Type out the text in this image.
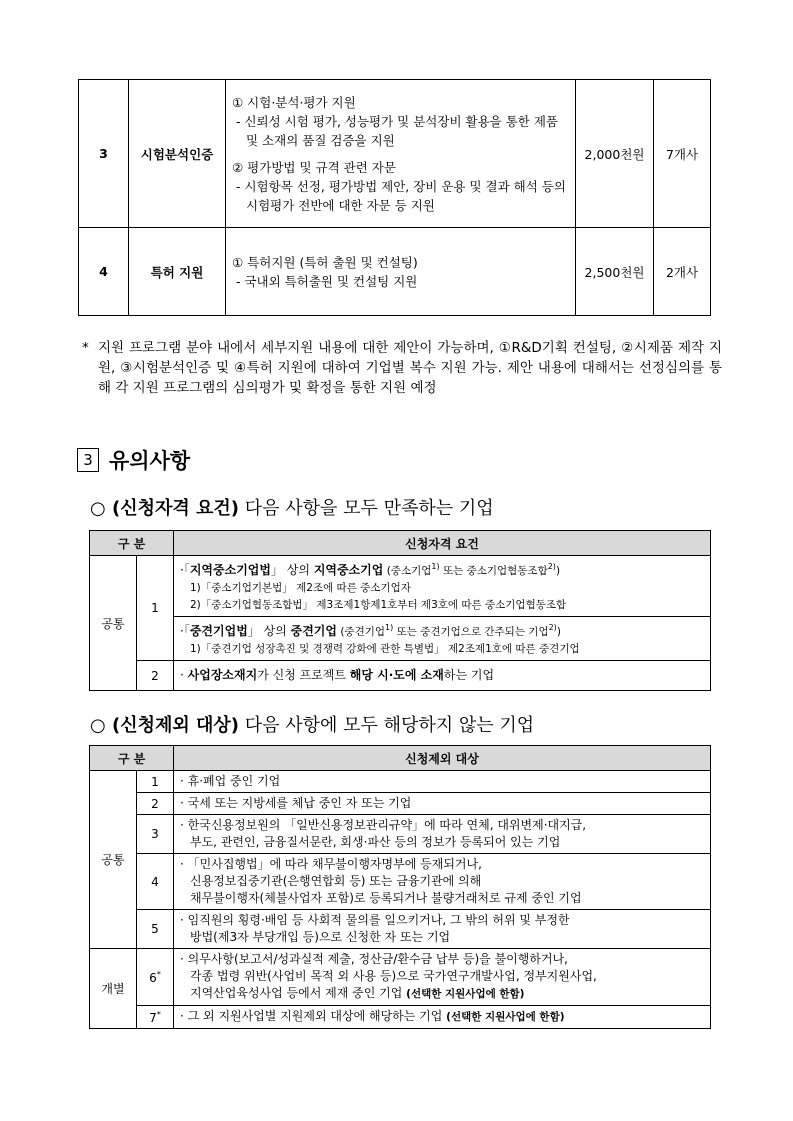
3	시험분석인증	① 시험·분석·평가 지원
- 신뢰성 시험 평가, 성능평가 및 분석장비 활용을 통한 제품 및 소재의 품질 검증을 지원
② 평가방법 및 규격 관련 자문
- 시험항목 선정, 평가방법 제안, 장비 운용 및 결과 해석 등의 시험평가 전반에 대한 자문 등 지원	2,000천원	7개사
4	특허 지원	① 특허지원 (특허 출원 및 컨설팅)
- 국내외 특허출원 및 컨설팅 지원	2,500천원	2개사
* 지원 프로그램 분야 내에서 세부지원 내용에 대한 제안이 가능하며, ①R&D기획 컨설팅, ②시제품 제작 지원, ③시험분석인증 및 ④특허 지원에 대하여 기업별 복수 지원 가능. 제안 내용에 대해서는 선정심의를 통해 각 지원 프로그램의 심의평가 및 확정을 통한 지원 예정
3 유의사항
○ (신청자격 요건) 다음 사항을 모두 만족하는 기업
구 분		신청자격 요건
공통	1	·「지역중소기업법」 상의 지역중소기업 (중소기업$^{1)}$ 또는 중소기업협동조합$^{2)}$)
1)「중소기업기본법」 제2조에 따른 중소기업자
2)「중소기업협동조합법」 제3조제1항제1호부터 제3호에 따른 중소기업협동조합

		·「중견기업법」 상의 중견기업 (중견기업$^{1)}$ 또는 중견기업으로 간주되는 기업$^{2)}$)
1)「중견기업 성장촉진 및 경쟁력 강화에 관한 특별법」 제2조제1호에 따른 중견기업

	2	· 사업장소재지가 신청 프로젝트 해당 시·도에 소재하는 기업
○ (신청제외 대상) 다음 사항에 모두 해당하지 않는 기업
구 분		신청제외 대상
공통	1	· 휴·폐업 중인 기업

	2	· 국세 또는 지방세를 체납 중인 자 또는 기업

	3	· 한국신용정보원의 「일반신용정보관리규약」에 따라 연체, 대위변제·대지급,
부도, 관련인, 금융질서문란, 회생·파산 등의 정보가 등록되어 있는 기업

	4	· 「민사집행법」에 따라 채무불이행자명부에 등재되거나,
신용정보집중기관(은행연합회 등) 또는 금융기관에 의해
채무불이행자(체불사업자 포함)로 등록되거나 불량거래처로 규제 중인 기업

	5	· 임직원의 횡령·배임 등 사회적 물의를 일으키거나, 그 밖의 허위 및 부정한
방법(제3자 부당개입 등)으로 신청한 자 또는 기업

개별	6*	· 의무사항(보고서/성과실적 제출, 정산금/환수금 납부 등)을 불이행하거나,
각종 법령 위반(사업비 목적 외 사용 등)으로 국가연구개발사업, 정부지원사업,
지역산업육성사업 등에서 제재 중인 기업 (선택한 지원사업에 한함)

	7*	· 그 외 지원사업별 지원제외 대상에 해당하는 기업 (선택한 지원사업에 한함)
